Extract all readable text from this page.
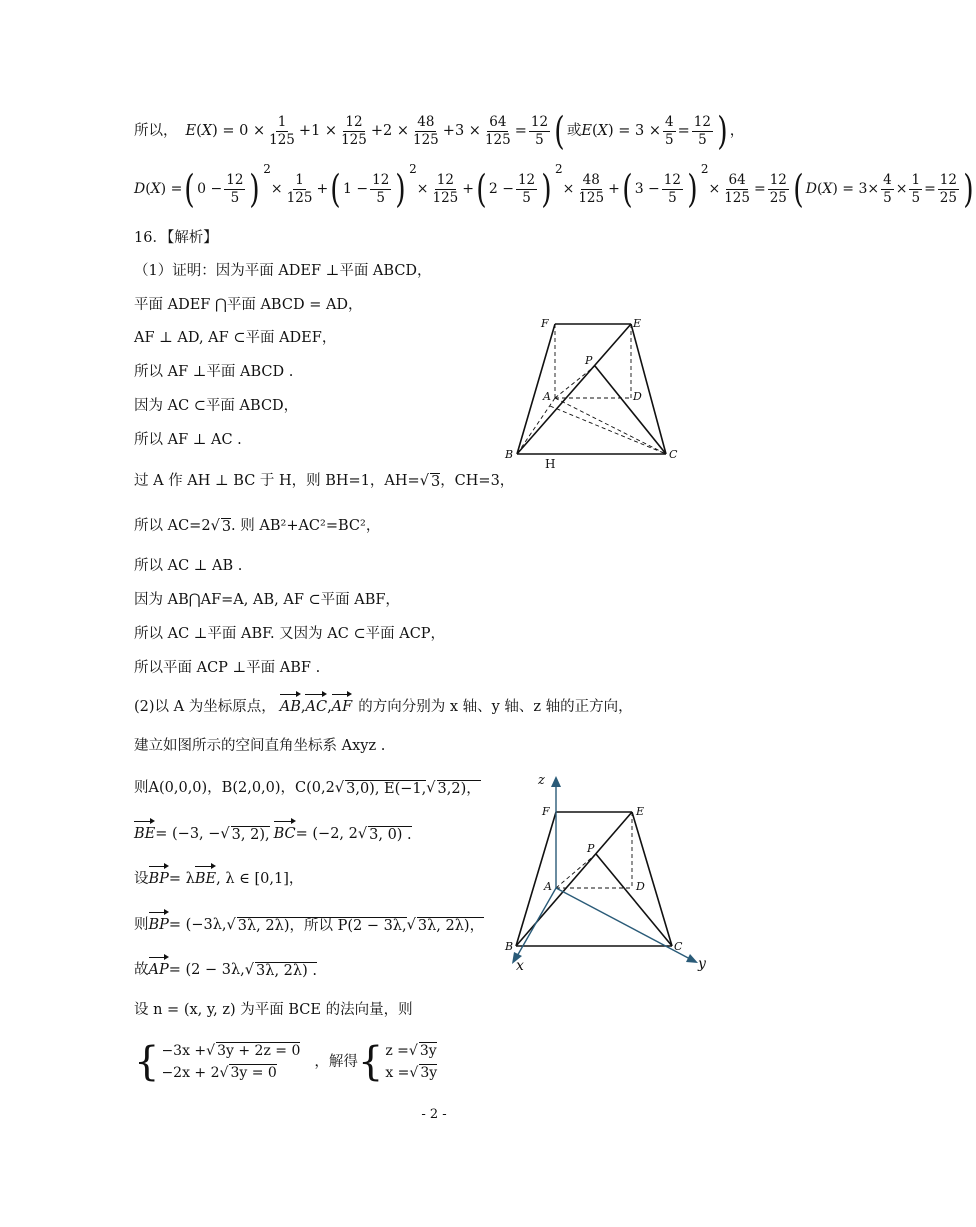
所以， E ( X ) = $0 \times \frac{1}{125} + 1 \times \frac{12}{125} + 2 \times \frac{48}{125} + 3 \times \frac{64}{125} = \frac{12}{5}$ ( 或 E ( X ) = $3 \times \frac{4}{5} = \frac{12}{5}$ ) ，
D ( X ) = ( $0 - \frac{12}{5}$ ) 2
× $\frac{1}{125}$ + ( $1 - \frac{12}{5}$ ) 2
× $\frac{12}{125}$ + ( $2 - \frac{12}{5}$ ) 2
× $\frac{48}{125}$ + ( $3 - \frac{12}{5}$ ) 2
× $\frac{64}{125} = \frac{12}{25}$ ( D ( X ) = $3 \times \frac{4}{5} \times \frac{1}{5} = \frac{12}{25}$ )
16．【解析】
（1）证明：因为平面 ADEF ⊥平面 ABCD，
平面 ADEF ⋂平面 ABCD = AD，
AF ⊥ AD, AF ⊂平面 ADEF，
所以 AF ⊥平面 ABCD .
因为 AC ⊂平面 ABCD，
所以 AF ⊥ AC .
过 A 作 AH ⊥ BC 于 H，则 BH=1，AH= √ 3 ，CH=3，
所以 AC=2 √ 3 . 则 AB²+AC²=BC²，
所以 AC ⊥ AB .
因为 AB⋂AF=A, AB, AF ⊂平面 ABF，
所以 AC ⊥平面 ABF. 又因为 AC ⊂平面 ACP，
所以平面 ACP ⊥平面 ABF .
(2)以 A 为坐标原点， AB , AC , AF 的方向分别为 x 轴、y 轴、z 轴的正方向，
建立如图所示的空间直角坐标系 Axyz .
则A(0,0,0)，B(2,0,0)，C(0,2 √ 3,0), E(−1, √ 3,2)，
BE = (−3, − √ 3, 2), BC = (−2, 2 √ 3, 0) .
设 BP = λ BE , λ ∈ [0,1]，
则 BP = (−3λ, √ 3λ, 2λ)，所以 P(2 − 3λ, √ 3λ, 2λ)，
故 AP = (2 − 3λ, √ 3λ, 2λ) .
设 n = (x, y, z) 为平面 BCE 的法向量，则
{ −3x +√ 3y + 2z = 0
−2x + 2√ 3y = 0
，解得 { z =√ 3y
x =√ 3y
F	E
P
A	D
B
H
C
z
F	E
P
A	D
B
x
C
y
- 2 -
